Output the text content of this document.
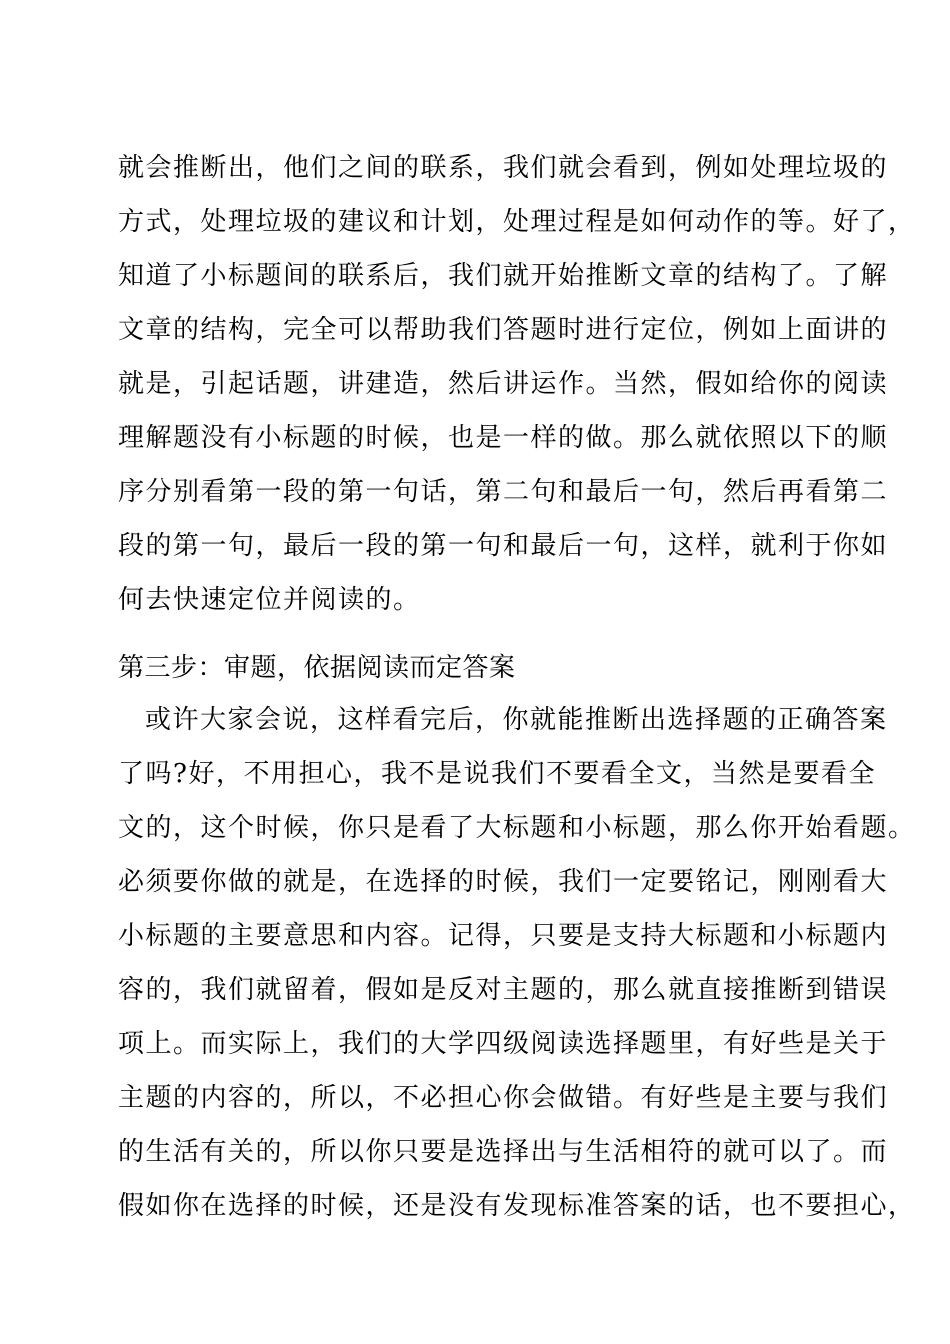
就会推断出，他们之间的联系，我们就会看到，例如处理垃圾的
方式，处理垃圾的建议和计划，处理过程是如何动作的等。好了，
知道了小标题间的联系后，我们就开始推断文章的结构了。了解
文章的结构，完全可以帮助我们答题时进行定位，例如上面讲的
就是，引起话题，讲建造，然后讲运作。当然，假如给你的阅读
理解题没有小标题的时候，也是一样的做。那么就依照以下的顺
序分别看第一段的第一句话，第二句和最后一句，然后再看第二
段的第一句，最后一段的第一句和最后一句，这样，就利于你如
何去快速定位并阅读的。
第三步：审题，依据阅读而定答案
或许大家会说，这样看完后，你就能推断出选择题的正确答案
了吗?好，不用担心，我不是说我们不要看全文，当然是要看全
文的，这个时候，你只是看了大标题和小标题，那么你开始看题。
必须要你做的就是，在选择的时候，我们一定要铭记，刚刚看大
小标题的主要意思和内容。记得，只要是支持大标题和小标题内
容的，我们就留着，假如是反对主题的，那么就直接推断到错误
项上。而实际上，我们的大学四级阅读选择题里，有好些是关于
主题的内容的，所以，不必担心你会做错。有好些是主要与我们
的生活有关的，所以你只要是选择出与生活相符的就可以了。而
假如你在选择的时候，还是没有发现标准答案的话，也不要担心，
